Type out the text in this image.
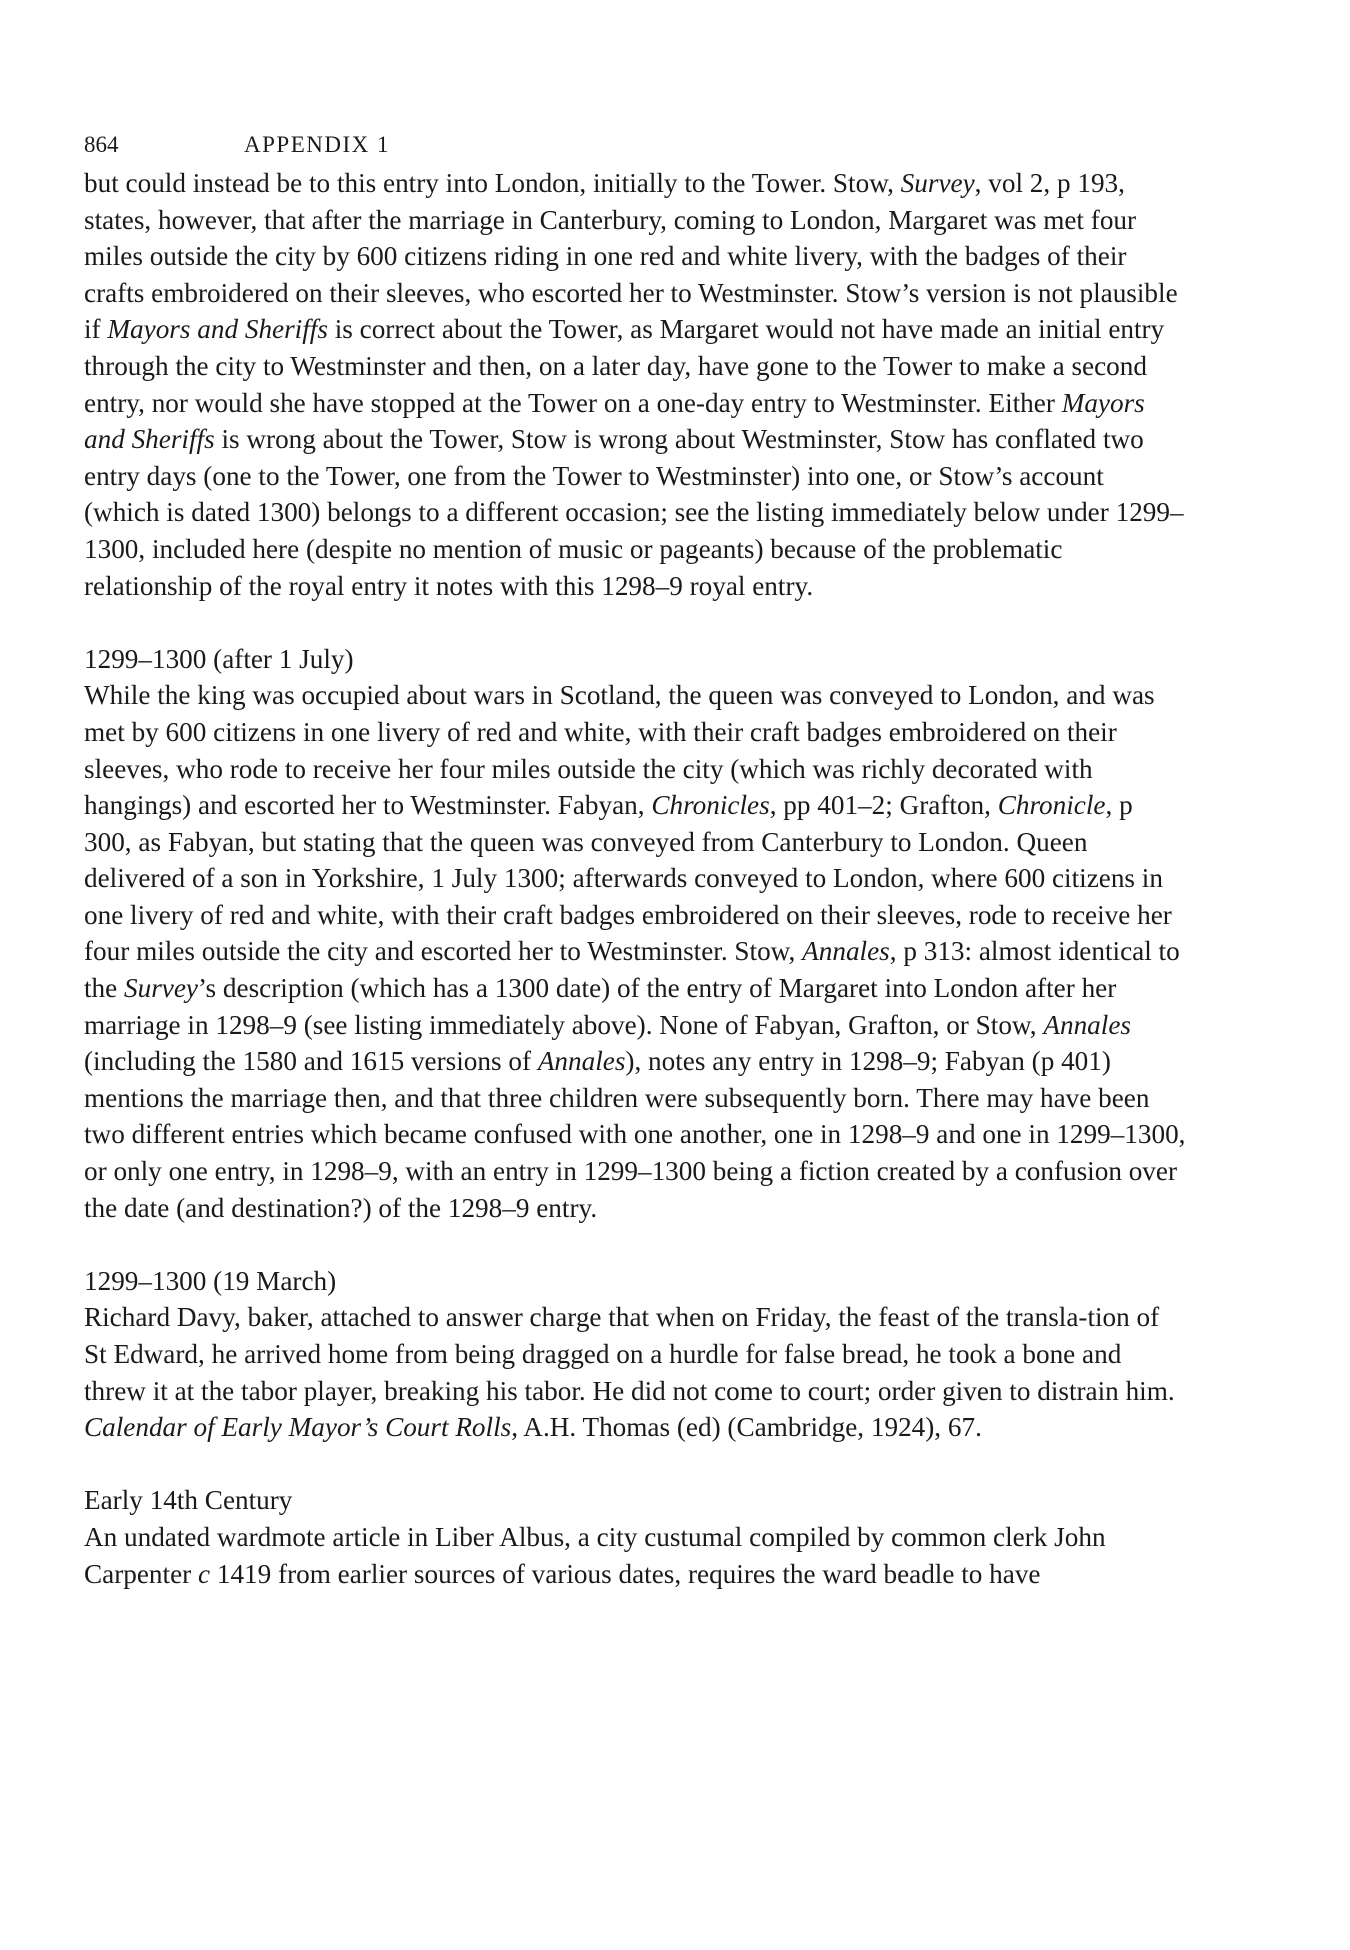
864	APPENDIX 1

but could instead be to this entry into London, initially to the Tower. Stow, Survey, vol 2, p 193, states, however, that after the marriage in Canterbury, coming to London, Margaret was met four miles outside the city by 600 citizens riding in one red and white livery, with the badges of their crafts embroidered on their sleeves, who escorted her to Westminster. Stow’s version is not plausible if Mayors and Sheriffs is correct about the Tower, as Margaret would not have made an initial entry through the city to Westminster and then, on a later day, have gone to the Tower to make a second entry, nor would she have stopped at the Tower on a one-day entry to Westminster. Either Mayors and Sheriffs is wrong about the Tower, Stow is wrong about Westminster, Stow has conflated two entry days (one to the Tower, one from the Tower to Westminster) into one, or Stow’s account (which is dated 1300) belongs to a different occasion; see the listing immediately below under 1299–1300, included here (despite no mention of music or pageants) because of the problematic relationship of the royal entry it notes with this 1298–9 royal entry.

1299–1300 (after 1 July)

While the king was occupied about wars in Scotland, the queen was conveyed to London, and was met by 600 citizens in one livery of red and white, with their craft badges embroidered on their sleeves, who rode to receive her four miles outside the city (which was richly decorated with hangings) and escorted her to Westminster. Fabyan, Chronicles, pp 401–2; Grafton, Chronicle, p 300, as Fabyan, but stating that the queen was conveyed from Canterbury to London. Queen delivered of a son in Yorkshire, 1 July 1300; afterwards conveyed to London, where 600 citizens in one livery of red and white, with their craft badges embroidered on their sleeves, rode to receive her four miles outside the city and escorted her to Westminster. Stow, Annales, p 313: almost identical to the Survey’s description (which has a 1300 date) of the entry of Margaret into London after her marriage in 1298–9 (see listing immediately above). None of Fabyan, Grafton, or Stow, Annales (including the 1580 and 1615 versions of Annales), notes any entry in 1298–9; Fabyan (p 401) mentions the marriage then, and that three children were subsequently born. There may have been two different entries which became confused with one another, one in 1298–9 and one in 1299–1300, or only one entry, in 1298–9, with an entry in 1299–1300 being a fiction created by a confusion over the date (and destination?) of the 1298–9 entry.

1299–1300 (19 March)

Richard Davy, baker, attached to answer charge that when on Friday, the feast of the transla-tion of St Edward, he arrived home from being dragged on a hurdle for false bread, he took a bone and threw it at the tabor player, breaking his tabor. He did not come to court; order given to distrain him. Calendar of Early Mayor’s Court Rolls, A.H. Thomas (ed) (Cambridge, 1924), 67.

Early 14th Century

An undated wardmote article in Liber Albus, a city custumal compiled by common clerk John Carpenter c 1419 from earlier sources of various dates, requires the ward beadle to have
